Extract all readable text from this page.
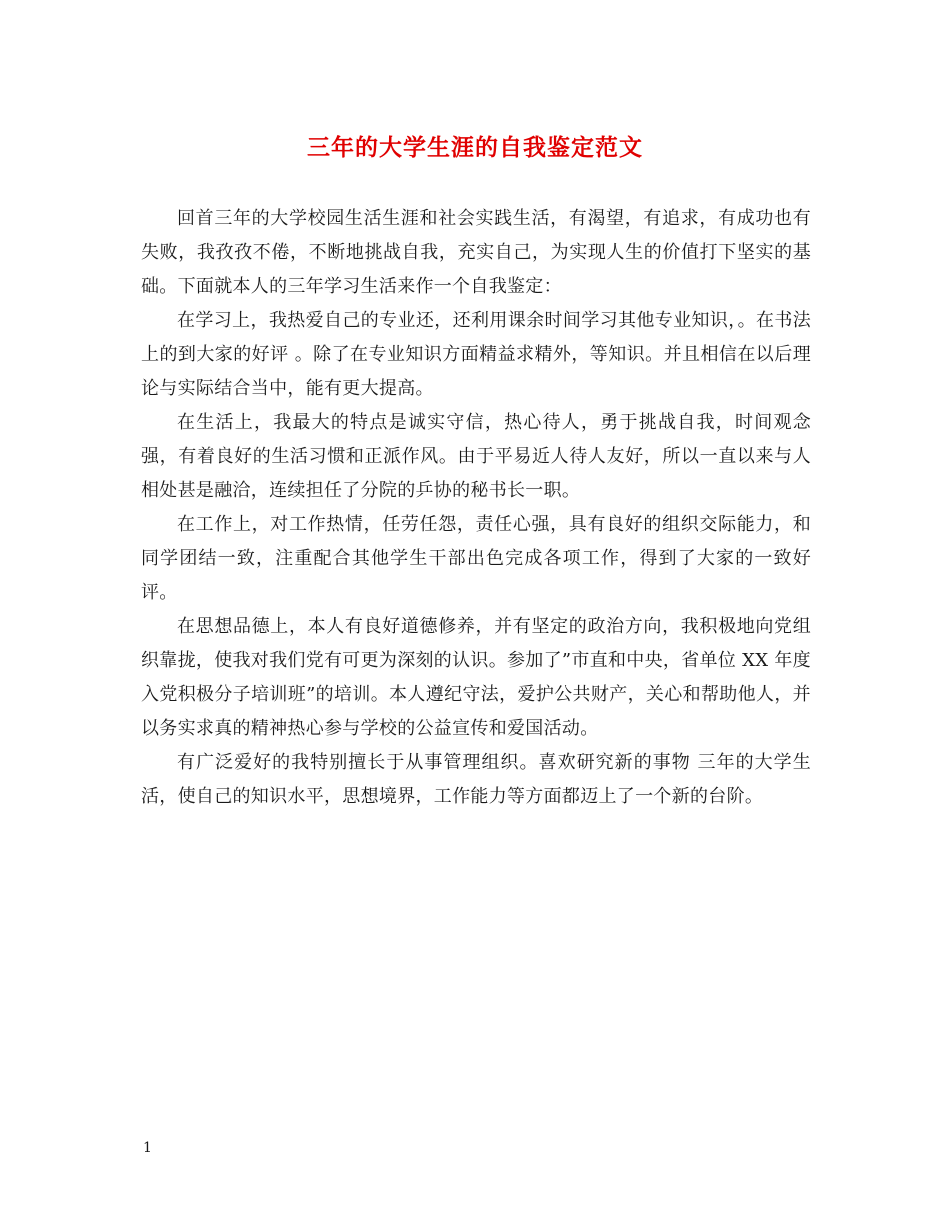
三年的大学生涯的自我鉴定范文

回首三年的大学校园生活生涯和社会实践生活，有渴望，有追求，有成功也有失败，我孜孜不倦，不断地挑战自我，充实自己，为实现人生的价值打下坚实的基础。下面就本人的三年学习生活来作一个自我鉴定：

在学习上，我热爱自己的专业还，还利用课余时间学习其他专业知识，。在书法上的到大家的好评 。除了在专业知识方面精益求精外，等知识。并且相信在以后理论与实际结合当中，能有更大提高。

在生活上，我最大的特点是诚实守信，热心待人，勇于挑战自我，时间观念强，有着良好的生活习惯和正派作风。由于平易近人待人友好，所以一直以来与人相处甚是融洽，连续担任了分院的乒协的秘书长一职。

在工作上，对工作热情，任劳任怨，责任心强，具有良好的组织交际能力，和同学团结一致，注重配合其他学生干部出色完成各项工作，得到了大家的一致好评。

在思想品德上，本人有良好道德修养，并有坚定的政治方向，我积极地向党组织靠拢，使我对我们党有可更为深刻的认识。参加了”市直和中央，省单位 XX 年度入党积极分子培训班”的培训。本人遵纪守法，爱护公共财产，关心和帮助他人，并以务实求真的精神热心参与学校的公益宣传和爱国活动。

有广泛爱好的我特别擅长于从事管理组织。喜欢研究新的事物 三年的大学生活，使自己的知识水平，思想境界，工作能力等方面都迈上了一个新的台阶。

1
